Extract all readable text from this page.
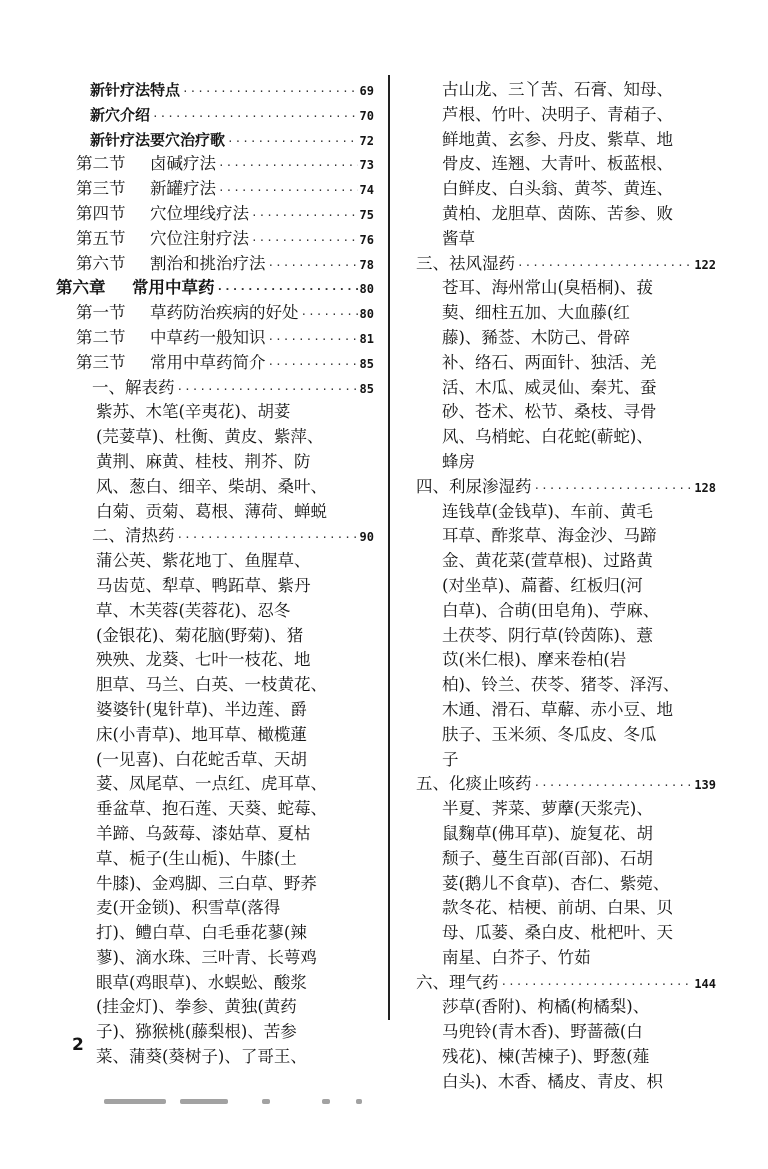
新针疗法特点 ·····	69
新穴介绍 ·····	70
新针疗法要穴治疗歌 ·····	72
第二节 卤碱疗法 ·····	73
第三节 新罐疗法 ·····	74
第四节 穴位埋线疗法 ·····	75
第五节 穴位注射疗法 ·····	76
第六节 割治和挑治疗法 ·····	78
第六章 常用中草药 ·····	80
第一节 草药防治疾病的好处 ·····	80
第二节 中草药一般知识 ·····	81
第三节 常用中草药简介 ·····	85
一、解表药 ·····	85
紫苏、木笔(辛夷花)、胡荽
(芫荽草)、杜衡、黄皮、紫萍、
黄荆、麻黄、桂枝、荆芥、防
风、葱白、细辛、柴胡、桑叶、
白菊、贡菊、葛根、薄荷、蝉蜕
二、清热药 ·····	90
蒲公英、紫花地丁、鱼腥草、
马齿苋、犁草、鸭跖草、紫丹
草、木芙蓉(芙蓉花)、忍冬
(金银花)、菊花脑(野菊)、猪
殃殃、龙葵、七叶一枝花、地
胆草、马兰、白英、一枝黄花、
婆婆针(鬼针草)、半边莲、爵
床(小青草)、地耳草、橄榄蓮
(一见喜)、白花蛇舌草、天胡
荽、凤尾草、一点红、虎耳草、
垂盆草、抱石莲、天葵、蛇莓、
羊蹄、乌蔹莓、漆姑草、夏枯
草、栀子(生山栀)、牛膝(土
牛膝)、金鸡脚、三白草、野荞
麦(开金锁)、积雪草(落得
打)、鳢白草、白毛垂花蓼(辣
蓼)、滴水珠、三叶青、长萼鸡
眼草(鸡眼草)、水蜈蚣、酸浆
(挂金灯)、拳参、黄独(黄药
子)、猕猴桃(藤梨根)、苦参
菜、蒲葵(葵树子)、了哥王、
古山龙、三丫苦、石膏、知母、
芦根、竹叶、决明子、青葙子、
鲜地黄、玄参、丹皮、紫草、地
骨皮、连翘、大青叶、板蓝根、
白鲜皮、白头翁、黄芩、黄连、
黄柏、龙胆草、茵陈、苦参、败
酱草
三、祛风湿药 ·····	122
苍耳、海州常山(臭梧桐)、菝
葜、细柱五加、大血藤(红
藤)、豨莶、木防己、骨碎
补、络石、两面针、独活、羌
活、木瓜、威灵仙、秦艽、蚕
砂、苍术、松节、桑枝、寻骨
风、乌梢蛇、白花蛇(蕲蛇)、
蜂房
四、利尿渗湿药 ·····	128
连钱草(金钱草)、车前、黄毛
耳草、酢浆草、海金沙、马蹄
金、黄花菜(萱草根)、过路黄
(对坐草)、萹蓄、红板归(河
白草)、合萌(田皂角)、苧麻、
土茯苓、阴行草(铃茵陈)、薏
苡(米仁根)、摩来卷柏(岩
柏)、铃兰、茯苓、猪苓、泽泻、
木通、滑石、草薢、赤小豆、地
肤子、玉米须、冬瓜皮、冬瓜
子
五、化痰止咳药 ·····	139
半夏、荠菜、萝藦(天浆壳)、
鼠麴草(佛耳草)、旋复花、胡
颓子、蔓生百部(百部)、石胡
荽(鹅儿不食草)、杏仁、紫菀、
款冬花、桔梗、前胡、白果、贝
母、瓜蒌、桑白皮、枇杷叶、天
南星、白芥子、竹茹
六、理气药 ·····	144
莎草(香附)、枸橘(枸橘梨)、
马兜铃(青木香)、野蔷薇(白
残花)、楝(苦楝子)、野葱(薤
白头)、木香、橘皮、青皮、枳
2
